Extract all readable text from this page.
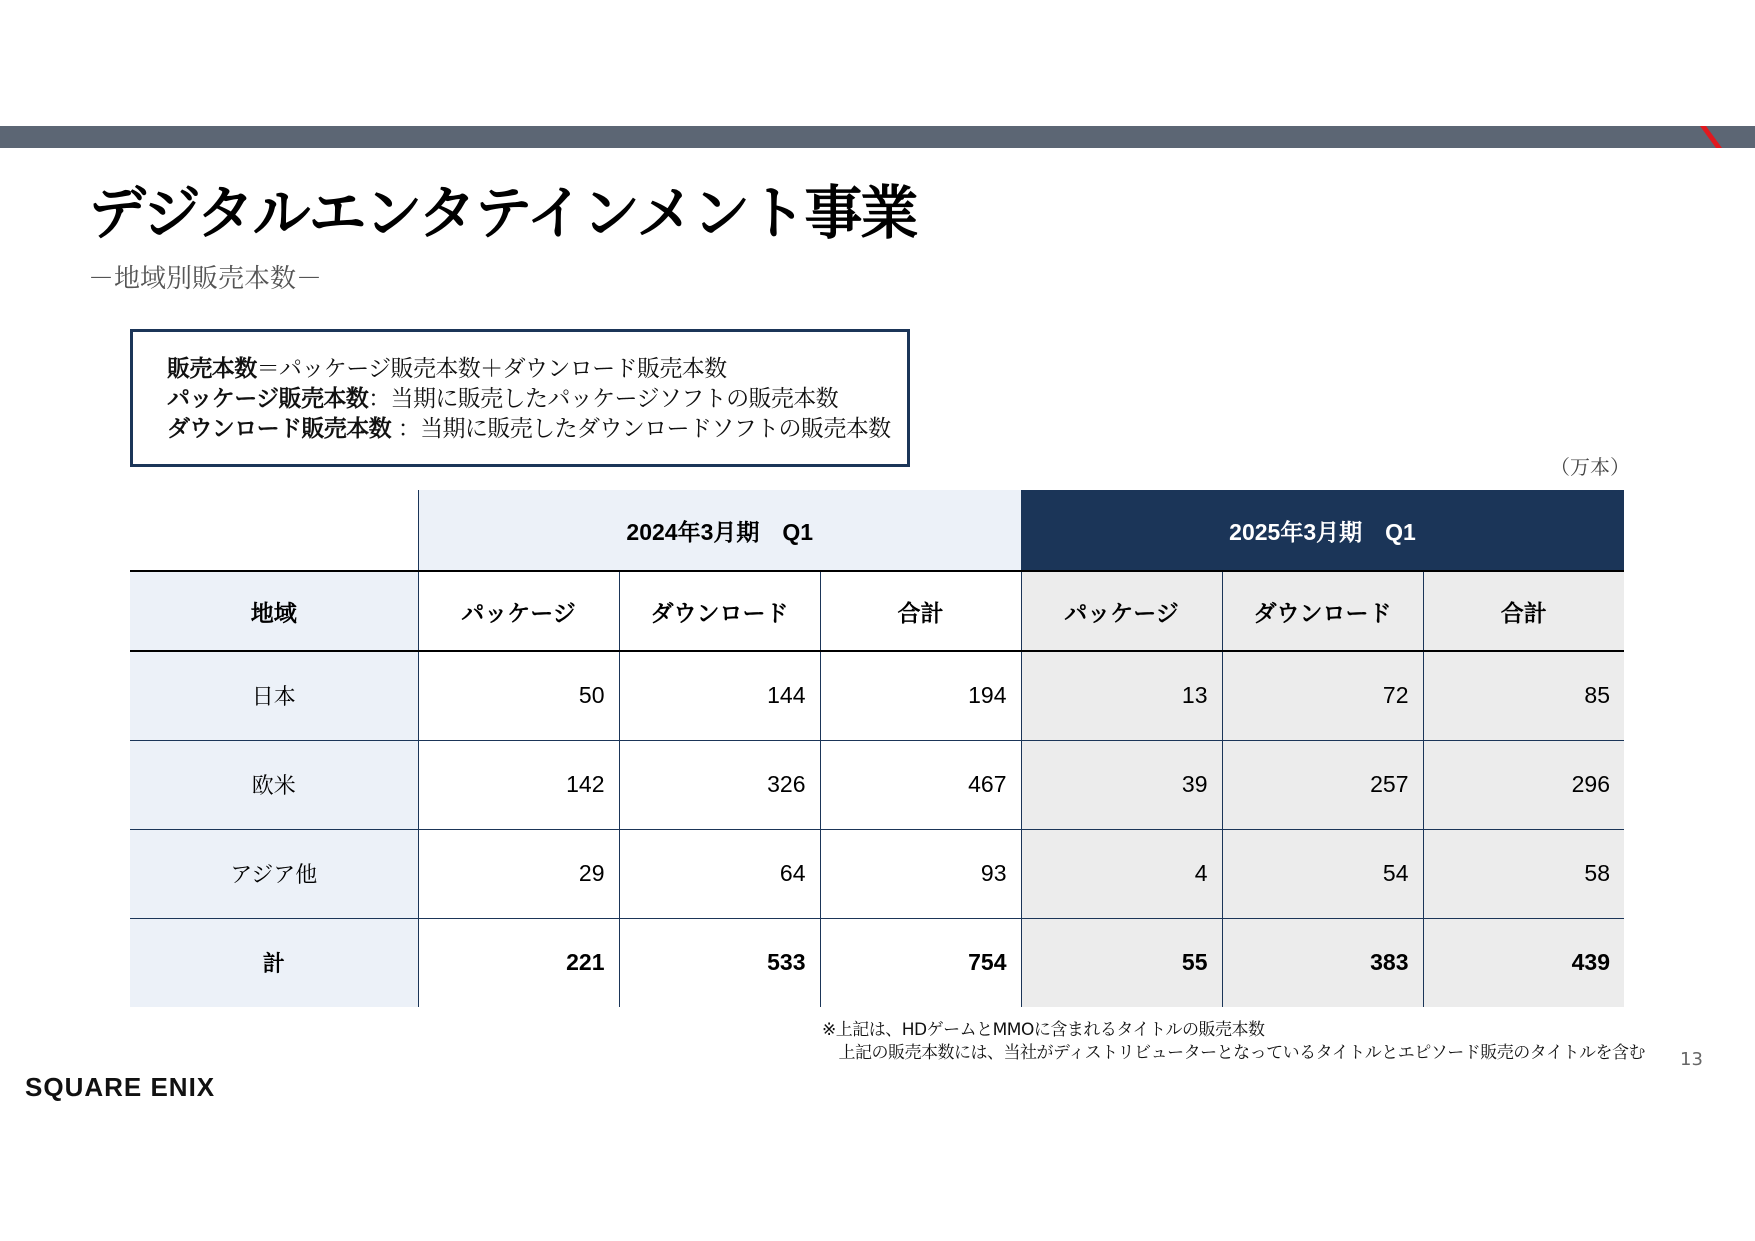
デジタルエンタテインメント事業
－地域別販売本数－
販売本数＝パッケージ販売本数＋ダウンロード販売本数
パッケージ販売本数：当期に販売したパッケージソフトの販売本数
ダウンロード販売本数 ：当期に販売したダウンロードソフトの販売本数
（万本）
	2024年3月期　Q1			2025年3月期　Q1		
地域	パッケージ	ダウンロード	合計	パッケージ	ダウンロード	合計
日本	50	144	194	13	72	85
欧米	142	326	467	39	257	296
アジア他	29	64	93	4	54	58
計	221	533	754	55	383	439
※上記は、HDゲームとMMOに含まれるタイトルの販売本数
　上記の販売本数には、当社がディストリビューターとなっているタイトルとエピソード販売のタイトルを含む
SQUARE ENIX
13
